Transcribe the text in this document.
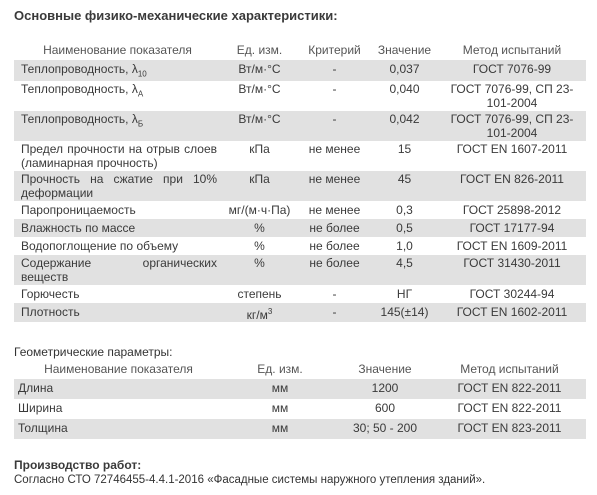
Основные физико-механические характеристики:
Наименование показателя	Ед. изм.	Критерий	Значение	Метод испытаний
Теплопроводность, $\lambda_{10}$	Вт/м·°С	-	0,037	ГОСТ 7076-99
Теплопроводность, $\lambda_A$	Вт/м·°С	-	0,040	ГОСТ 7076-99, СП 23-101-2004
Теплопроводность, $\lambda_Б$	Вт/м·°С	-	0,042	ГОСТ 7076-99, СП 23-101-2004
Предел прочности на отрыв слоев (ламинарная прочность)	кПа	не менее	15	ГОСТ EN 1607-2011
Прочность на сжатие при 10% деформации	кПа	не менее	45	ГОСТ EN 826-2011
Паропроницаемость	мг/(м·ч·Па)	не менее	0,3	ГОСТ 25898-2012
Влажность по массе	%	не более	0,5	ГОСТ 17177-94
Водопоглощение по объему	%	не более	1,0	ГОСТ EN 1609-2011
Содержание органических веществ	%	не более	4,5	ГОСТ 31430-2011
Горючесть	степень	-	НГ	ГОСТ 30244-94
Плотность	$кг/м^3$	-	145(±14)	ГОСТ EN 1602-2011
Геометрические параметры:
Наименование показателя	Ед. изм.	Значение	Метод испытаний
Длина	мм	1200	ГОСТ EN 822-2011
Ширина	мм	600	ГОСТ EN 822-2011
Толщина	мм	30; 50 - 200	ГОСТ EN 823-2011
Производство работ:
Согласно СТО 72746455-4.4.1-2016 «Фасадные системы наружного утепления зданий».
